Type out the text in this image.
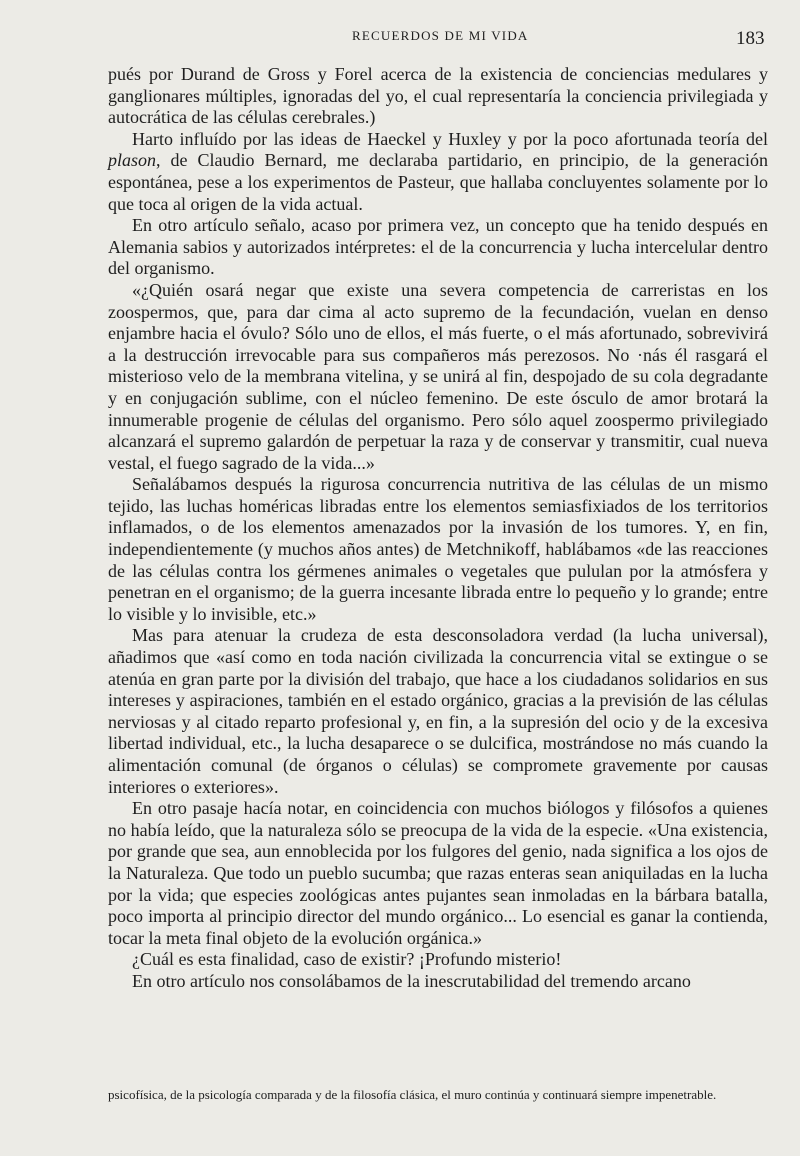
RECUERDOS DE MI VIDA	183

pués por Durand de Gross y Forel acerca de la existencia de conciencias medulares y ganglionares múltiples, ignoradas del yo, el cual representaría la conciencia privilegiada y autocrática de las células cerebrales.)

Harto influído por las ideas de Haeckel y Huxley y por la poco afortunada teoría del plason, de Claudio Bernard, me declaraba partidario, en principio, de la generación espontánea, pese a los experimentos de Pasteur, que hallaba concluyentes solamente por lo que toca al origen de la vida actual.

En otro artículo señalo, acaso por primera vez, un concepto que ha tenido después en Alemania sabios y autorizados intérpretes: el de la concurrencia y lucha intercelular dentro del organismo.

«¿Quién osará negar que existe una severa competencia de carreristas en los zoospermos, que, para dar cima al acto supremo de la fecundación, vuelan en denso enjambre hacia el óvulo? Sólo uno de ellos, el más fuerte, o el más afortunado, sobrevivirá a la destrucción irrevocable para sus compañeros más perezosos. No ·nás él rasgará el misterioso velo de la membrana vitelina, y se unirá al fin, despojado de su cola degradante y en conjugación sublime, con el núcleo femenino. De este ósculo de amor brotará la innumerable progenie de células del organismo. Pero sólo aquel zoospermo privilegiado alcanzará el supremo galardón de perpetuar la raza y de conservar y transmitir, cual nueva vestal, el fuego sagrado de la vida...»

Señalábamos después la rigurosa concurrencia nutritiva de las células de un mismo tejido, las luchas homéricas libradas entre los elementos semiasfixiados de los territorios inflamados, o de los elementos amenazados por la invasión de los tumores. Y, en fin, independientemente (y muchos años antes) de Metchnikoff, hablábamos «de las reacciones de las células contra los gérmenes animales o vegetales que pululan por la atmósfera y penetran en el organismo; de la guerra incesante librada entre lo pequeño y lo grande; entre lo visible y lo invisible, etc.»

Mas para atenuar la crudeza de esta desconsoladora verdad (la lucha universal), añadimos que «así como en toda nación civilizada la concurrencia vital se extingue o se atenúa en gran parte por la división del trabajo, que hace a los ciudadanos solidarios en sus intereses y aspiraciones, también en el estado orgánico, gracias a la previsión de las células nerviosas y al citado reparto profesional y, en fin, a la supresión del ocio y de la excesiva libertad individual, etc., la lucha desaparece o se dulcifica, mostrándose no más cuando la alimentación comunal (de órganos o células) se compromete gravemente por causas interiores o exteriores».

En otro pasaje hacía notar, en coincidencia con muchos biólogos y filósofos a quienes no había leído, que la naturaleza sólo se preocupa de la vida de la especie. «Una existencia, por grande que sea, aun ennoblecida por los fulgores del genio, nada significa a los ojos de la Naturaleza. Que todo un pueblo sucumba; que razas enteras sean aniquiladas en la lucha por la vida; que especies zoológicas antes pujantes sean inmoladas en la bárbara batalla, poco importa al principio director del mundo orgánico... Lo esencial es ganar la contienda, tocar la meta final objeto de la evolución orgánica.»

¿Cuál es esta finalidad, caso de existir? ¡Profundo misterio!

En otro artículo nos consolábamos de la inescrutabilidad del tremendo arcano

psicofísica, de la psicología comparada y de la filosofía clásica, el muro continúa y continuará siempre impenetrable.
